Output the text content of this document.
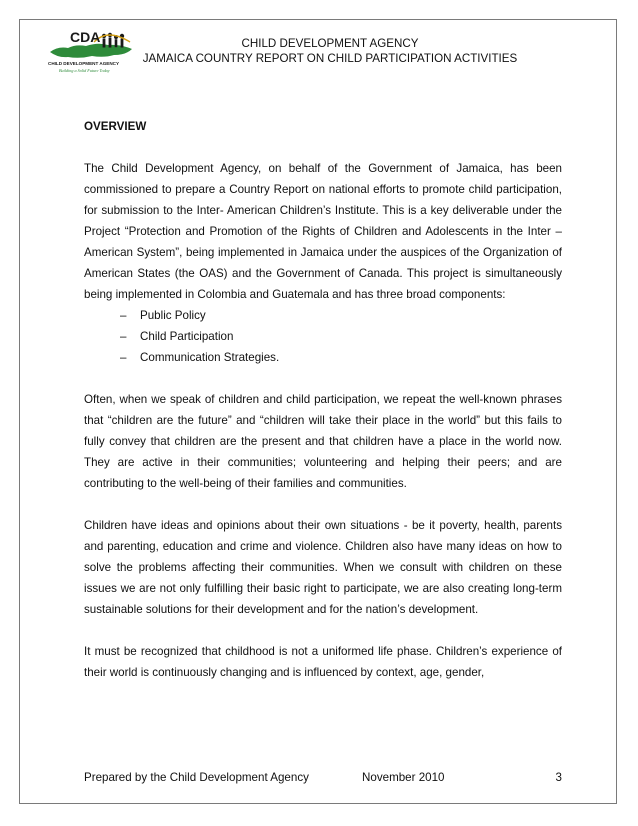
CDA
CHILD DEVELOPMENT AGENCY
Building a Solid Future Today
CHILD DEVELOPMENT AGENCY
JAMAICA COUNTRY REPORT ON CHILD PARTICIPATION ACTIVITIES
OVERVIEW

The Child Development Agency, on behalf of the Government of Jamaica, has been commissioned to prepare a Country Report on national efforts to promote child participation, for submission to the Inter- American Children’s Institute. This is a key deliverable under the Project “Protection and Promotion of the Rights of Children and Adolescents in the Inter –American System”, being implemented in Jamaica under the auspices of the Organization of American States (the OAS) and the Government of Canada. This project is simultaneously being implemented in Colombia and Guatemala and has three broad components:

– Public Policy
– Child Participation
– Communication Strategies.

Often, when we speak of children and child participation, we repeat the well-known phrases that “children are the future” and “children will take their place in the world” but this fails to fully convey that children are the present and that children have a place in the world now. They are active in their communities; volunteering and helping their peers; and are contributing to the well-being of their families and communities.

Children have ideas and opinions about their own situations - be it poverty, health, parents and parenting, education and crime and violence. Children also have many ideas on how to solve the problems affecting their communities. When we consult with children on these issues we are not only fulfilling their basic right to participate, we are also creating long-term sustainable solutions for their development and for the nation’s development.

It must be recognized that childhood is not a uniformed life phase. Children’s experience of their world is continuously changing and is influenced by context, age, gender,

Prepared by the Child Development Agency	November 2010	3
